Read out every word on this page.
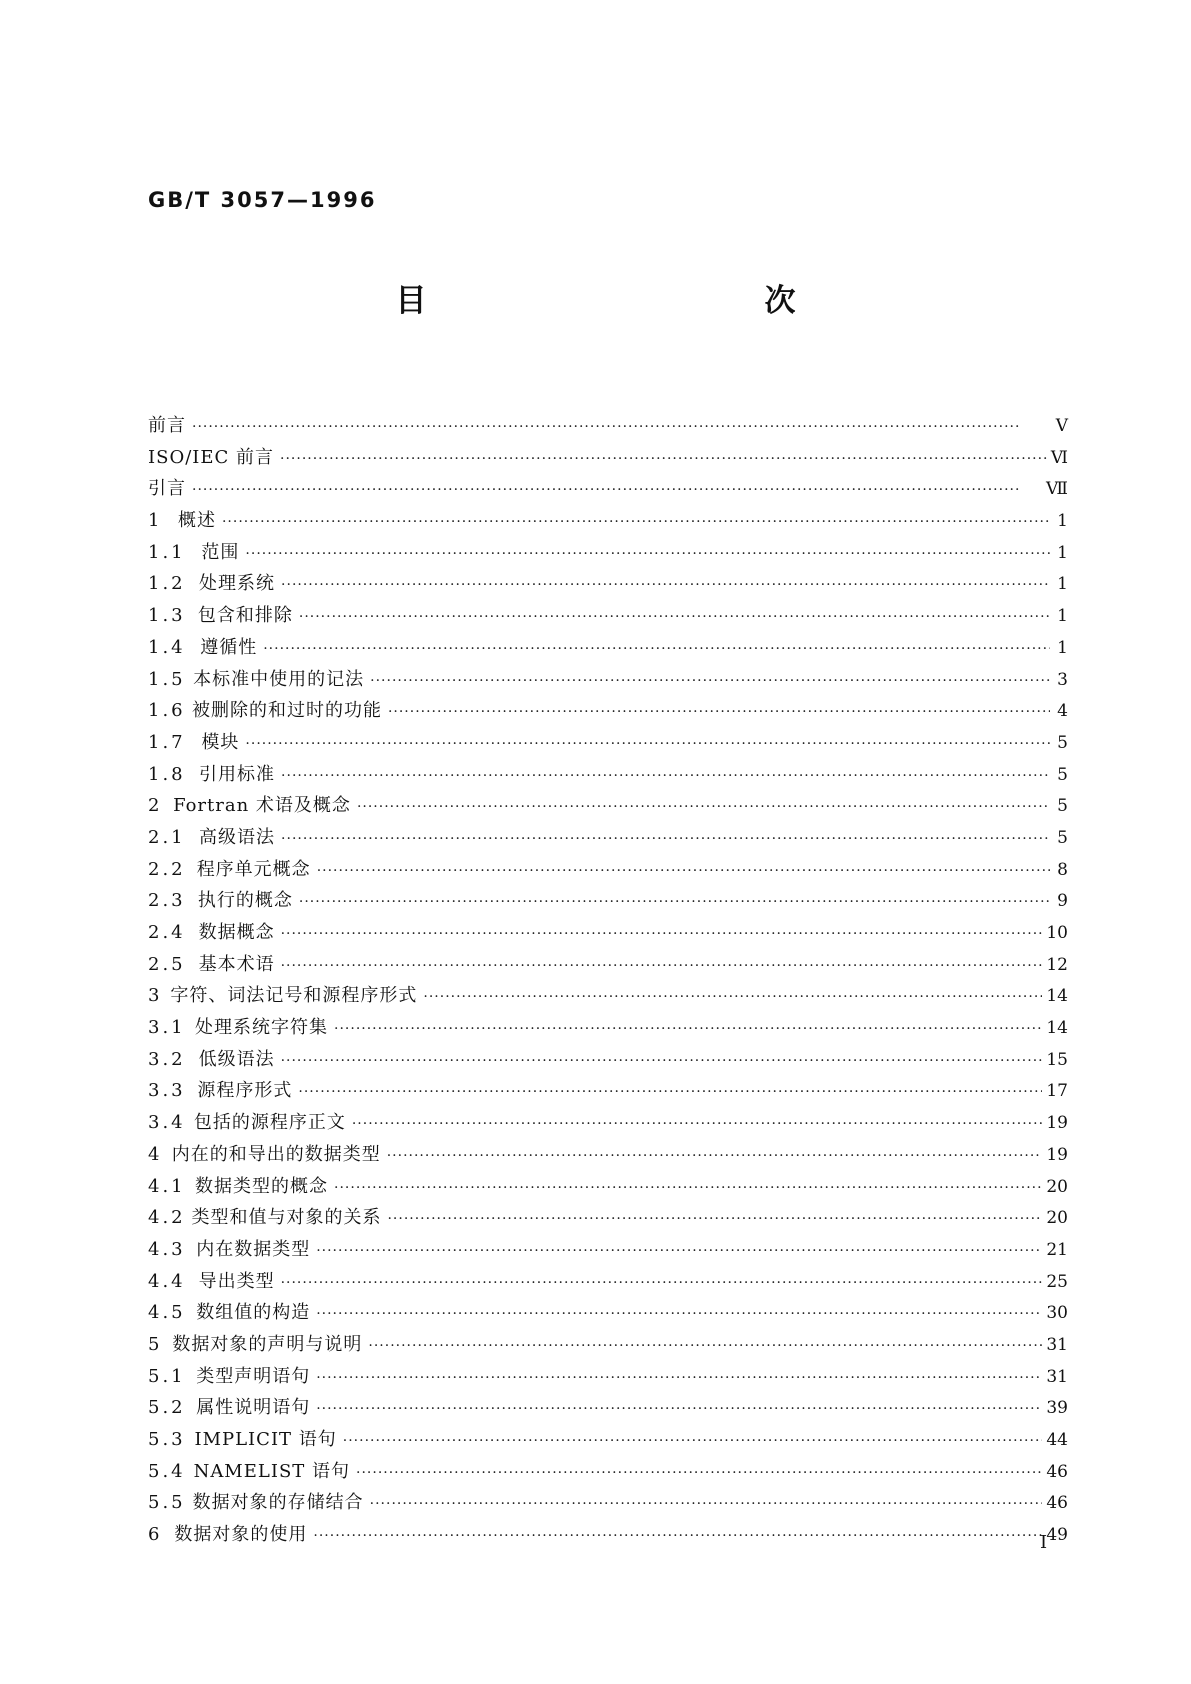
GB/T 3057—1996
目　　次
前言 ·····	Ⅴ
ISO/IEC 前言 ·····	Ⅵ
引言 ·····	Ⅶ
1 概述 ·····	1
1.1 范围 ·····	1
1.2 处理系统 ·····	1
1.3 包含和排除 ·····	1
1.4 遵循性 ·····	1
1.5 本标准中使用的记法 ·····	3
1.6 被删除的和过时的功能 ·····	4
1.7 模块 ·····	5
1.8 引用标准 ·····	5
2 Fortran 术语及概念 ·····	5
2.1 高级语法 ·····	5
2.2 程序单元概念 ·····	8
2.3 执行的概念 ·····	9
2.4 数据概念 ·····	10
2.5 基本术语 ·····	12
3 字符、词法记号和源程序形式 ·····	14
3.1 处理系统字符集 ·····	14
3.2 低级语法 ·····	15
3.3 源程序形式 ·····	17
3.4 包括的源程序正文 ·····	19
4 内在的和导出的数据类型 ·····	19
4.1 数据类型的概念 ·····	20
4.2 类型和值与对象的关系 ·····	20
4.3 内在数据类型 ·····	21
4.4 导出类型 ·····	25
4.5 数组值的构造 ·····	30
5 数据对象的声明与说明 ·····	31
5.1 类型声明语句 ·····	31
5.2 属性说明语句 ·····	39
5.3 IMPLICIT 语句 ·····	44
5.4 NAMELIST 语句 ·····	46
5.5 数据对象的存储结合 ·····	46
6 数据对象的使用 ·····	49
Ⅰ
